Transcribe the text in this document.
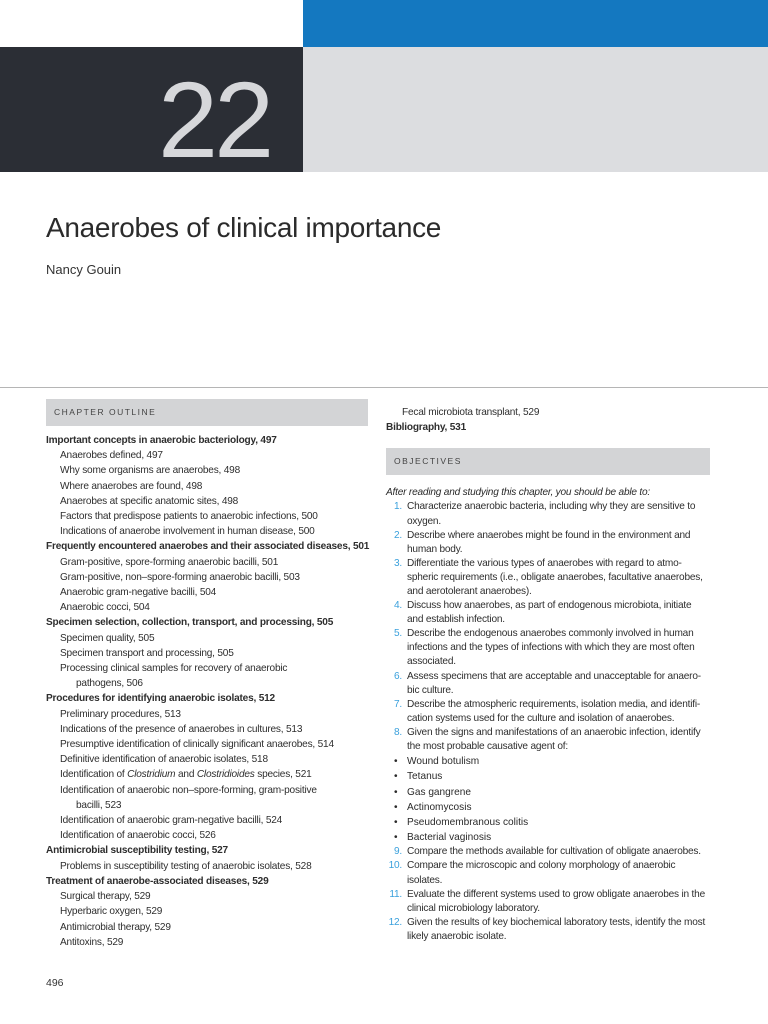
22
Anaerobes of clinical importance
Nancy Gouin
CHAPTER OUTLINE
Important concepts in anaerobic bacteriology, 497
Anaerobes defined, 497
Why some organisms are anaerobes, 498
Where anaerobes are found, 498
Anaerobes at specific anatomic sites, 498
Factors that predispose patients to anaerobic infections, 500
Indications of anaerobe involvement in human disease, 500
Frequently encountered anaerobes and their associated diseases, 501
Gram-positive, spore-forming anaerobic bacilli, 501
Gram-positive, non–spore-forming anaerobic bacilli, 503
Anaerobic gram-negative bacilli, 504
Anaerobic cocci, 504
Specimen selection, collection, transport, and processing, 505
Specimen quality, 505
Specimen transport and processing, 505
Processing clinical samples for recovery of anaerobic
pathogens, 506
Procedures for identifying anaerobic isolates, 512
Preliminary procedures, 513
Indications of the presence of anaerobes in cultures, 513
Presumptive identification of clinically significant anaerobes, 514
Definitive identification of anaerobic isolates, 518
Identification of Clostridium and Clostridioides species, 521
Identification of anaerobic non–spore-forming, gram-positive
bacilli, 523
Identification of anaerobic gram-negative bacilli, 524
Identification of anaerobic cocci, 526
Antimicrobial susceptibility testing, 527
Problems in susceptibility testing of anaerobic isolates, 528
Treatment of anaerobe-associated diseases, 529
Surgical therapy, 529
Hyperbaric oxygen, 529
Antimicrobial therapy, 529
Antitoxins, 529
Fecal microbiota transplant, 529
Bibliography, 531
OBJECTIVES
After reading and studying this chapter, you should be able to:
1. Characterize anaerobic bacteria, including why they are sensitive to
oxygen.
2. Describe where anaerobes might be found in the environment and
human body.
3. Differentiate the various types of anaerobes with regard to atmo-
spheric requirements (i.e., obligate anaerobes, facultative anaerobes,
and aerotolerant anaerobes).
4. Discuss how anaerobes, as part of endogenous microbiota, initiate
and establish infection.
5. Describe the endogenous anaerobes commonly involved in human
infections and the types of infections with which they are most often
associated.
6. Assess specimens that are acceptable and unacceptable for anaero-
bic culture.
7. Describe the atmospheric requirements, isolation media, and identifi-
cation systems used for the culture and isolation of anaerobes.
8. Given the signs and manifestations of an anaerobic infection, identify
the most probable causative agent of:
• Wound botulism
• Tetanus
• Gas gangrene
• Actinomycosis
• Pseudomembranous colitis
• Bacterial vaginosis
9. Compare the methods available for cultivation of obligate anaerobes.
10. Compare the microscopic and colony morphology of anaerobic
isolates.
11. Evaluate the different systems used to grow obligate anaerobes in the
clinical microbiology laboratory.
12. Given the results of key biochemical laboratory tests, identify the most
likely anaerobic isolate.
496
